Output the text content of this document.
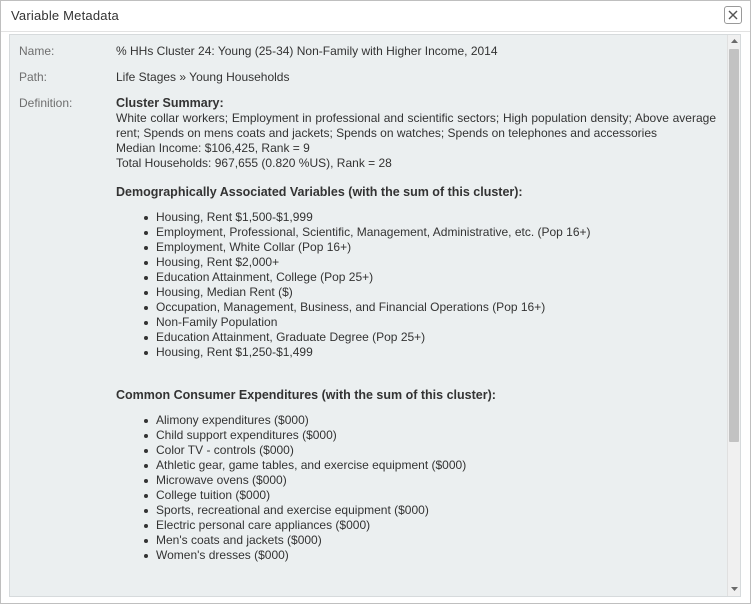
Variable Metadata
Name:	% HHs Cluster 24: Young (25-34) Non-Family with Higher Income, 2014
Path:	Life Stages » Young Households
Definition:	Cluster Summary:

White collar workers; Employment in professional and scientific sectors; High population density; Above average rent; Spends on mens coats and jackets; Spends on watches; Spends on telephones and accessories

Median Income: $106,425, Rank = 9

Total Households: 967,655 (0.820 %US), Rank = 28

Demographically Associated Variables (with the sum of this cluster):
Housing, Rent $1,500-$1,999
Employment, Professional, Scientific, Management, Administrative, etc. (Pop 16+)
Employment, White Collar (Pop 16+)
Housing, Rent $2,000+
Education Attainment, College (Pop 25+)
Housing, Median Rent ($)
Occupation, Management, Business, and Financial Operations (Pop 16+)
Non-Family Population
Education Attainment, Graduate Degree (Pop 25+)
Housing, Rent $1,250-$1,499
Common Consumer Expenditures (with the sum of this cluster):
Alimony expenditures ($000)
Child support expenditures ($000)
Color TV - controls ($000)
Athletic gear, game tables, and exercise equipment ($000)
Microwave ovens ($000)
College tuition ($000)
Sports, recreational and exercise equipment ($000)
Electric personal care appliances ($000)
Men's coats and jackets ($000)
Women's dresses ($000)
